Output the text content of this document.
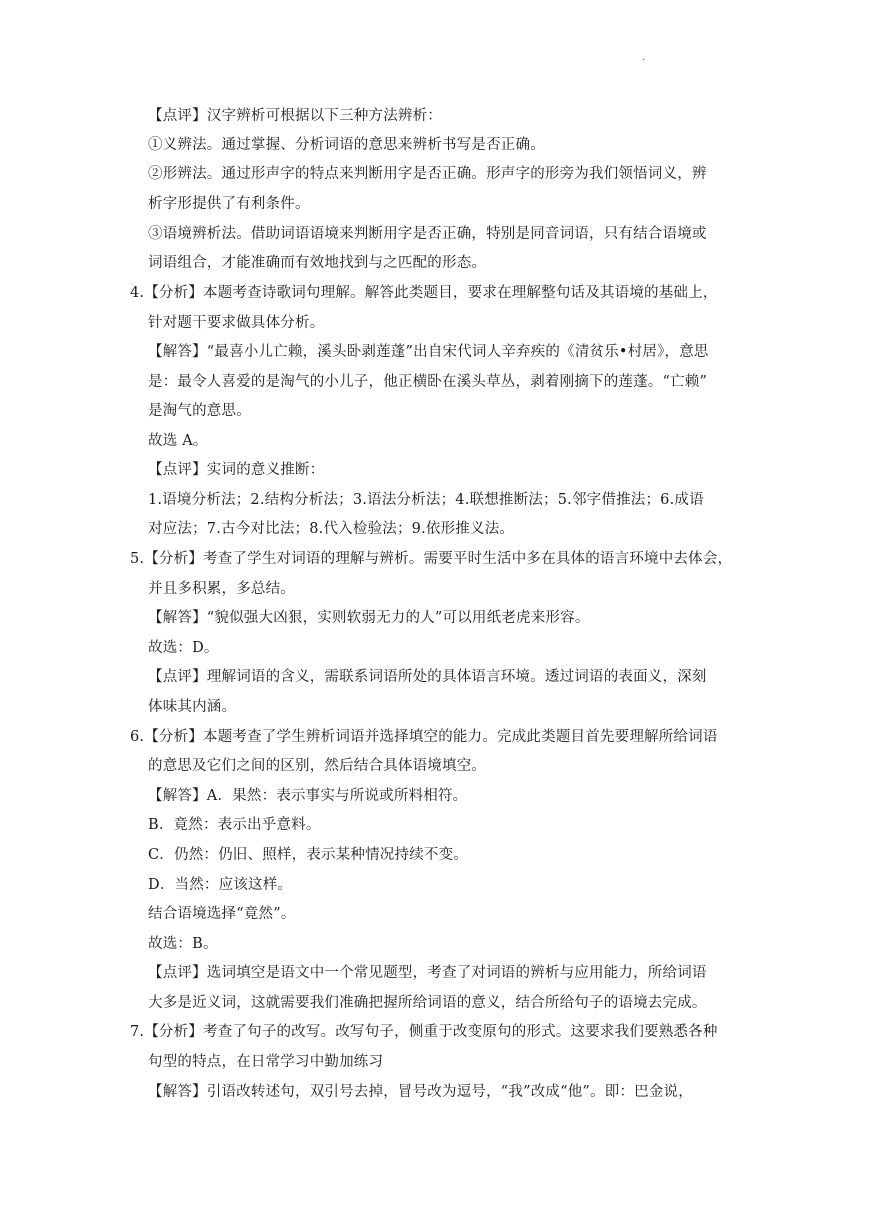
.
【点评】汉字辨析可根据以下三种方法辨析：
①义辨法。通过掌握、分析词语的意思来辨析书写是否正确。
②形辨法。通过形声字的特点来判断用字是否正确。形声字的形旁为我们领悟词义，辨
析字形提供了有利条件。
③语境辨析法。借助词语语境来判断用字是否正确，特别是同音词语，只有结合语境或
词语组合，才能准确而有效地找到与之匹配的形态。
4.【分析】本题考查诗歌词句理解。解答此类题目，要求在理解整句话及其语境的基础上，
针对题干要求做具体分析。
【解答】“最喜小儿亡赖，溪头卧剥莲蓬”出自宋代词人辛弃疾的《清贫乐•村居》，意思
是：最令人喜爱的是淘气的小儿子，他正横卧在溪头草丛，剥着刚摘下的莲蓬。“亡赖”
是淘气的意思。
故选 A。
【点评】实词的意义推断：
1.语境分析法；2.结构分析法；3.语法分析法；4.联想推断法；5.邻字借推法；6.成语
对应法；7.古今对比法；8.代入检验法；9.依形推义法。
5.【分析】考查了学生对词语的理解与辨析。需要平时生活中多在具体的语言环境中去体会，
并且多积累，多总结。
【解答】“貌似强大凶狠，实则软弱无力的人”可以用纸老虎来形容。
故选：D。
【点评】理解词语的含义，需联系词语所处的具体语言环境。透过词语的表面义，深刻
体味其内涵。
6.【分析】本题考查了学生辨析词语并选择填空的能力。完成此类题目首先要理解所给词语
的意思及它们之间的区别，然后结合具体语境填空。
【解答】A．果然：表示事实与所说或所料相符。
B．竟然：表示出乎意料。
C．仍然：仍旧、照样，表示某种情况持续不变。
D．当然：应该这样。
结合语境选择“竟然”。
故选：B。
【点评】选词填空是语文中一个常见题型，考查了对词语的辨析与应用能力，所给词语
大多是近义词，这就需要我们准确把握所给词语的意义，结合所给句子的语境去完成。
7.【分析】考查了句子的改写。改写句子，侧重于改变原句的形式。这要求我们要熟悉各种
句型的特点，在日常学习中勤加练习
【解答】引语改转述句，双引号去掉，冒号改为逗号，“我”改成“他”。即：巴金说，
